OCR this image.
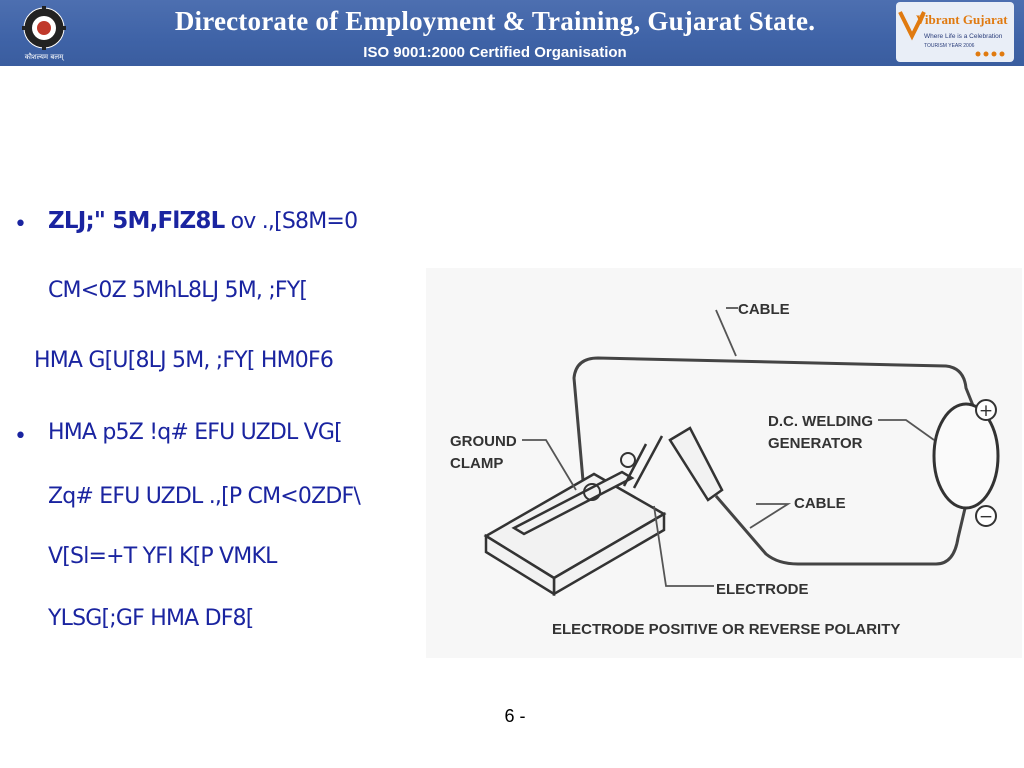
कौशल्यम बलम्
Directorate of Employment & Training, Gujarat State.
ISO 9001:2000 Certified Organisation
Vibrant Gujarat
Where Life is a Celebration
TOURISM YEAR 2006
• ZLJ;" 5M,FlZ8L ov .,[S8M=0
CM<0Z 5MhL8LJ 5M, ;FY[
HMA G[U[8LJ 5M, ;FY[ HM0F6
• HMA p5Z !q# EFU UZDL VG[
Zq# EFU UZDL .,[P CM<0ZDF\
V[Sl=+T YFI K[P VMKL
YLSG[;GF HMA DF8[
+
−
CABLE
D.C. WELDING
GENERATOR
GROUND
CLAMP
CABLE
ELECTRODE
ELECTRODE POSITIVE OR REVERSE POLARITY
6 -
